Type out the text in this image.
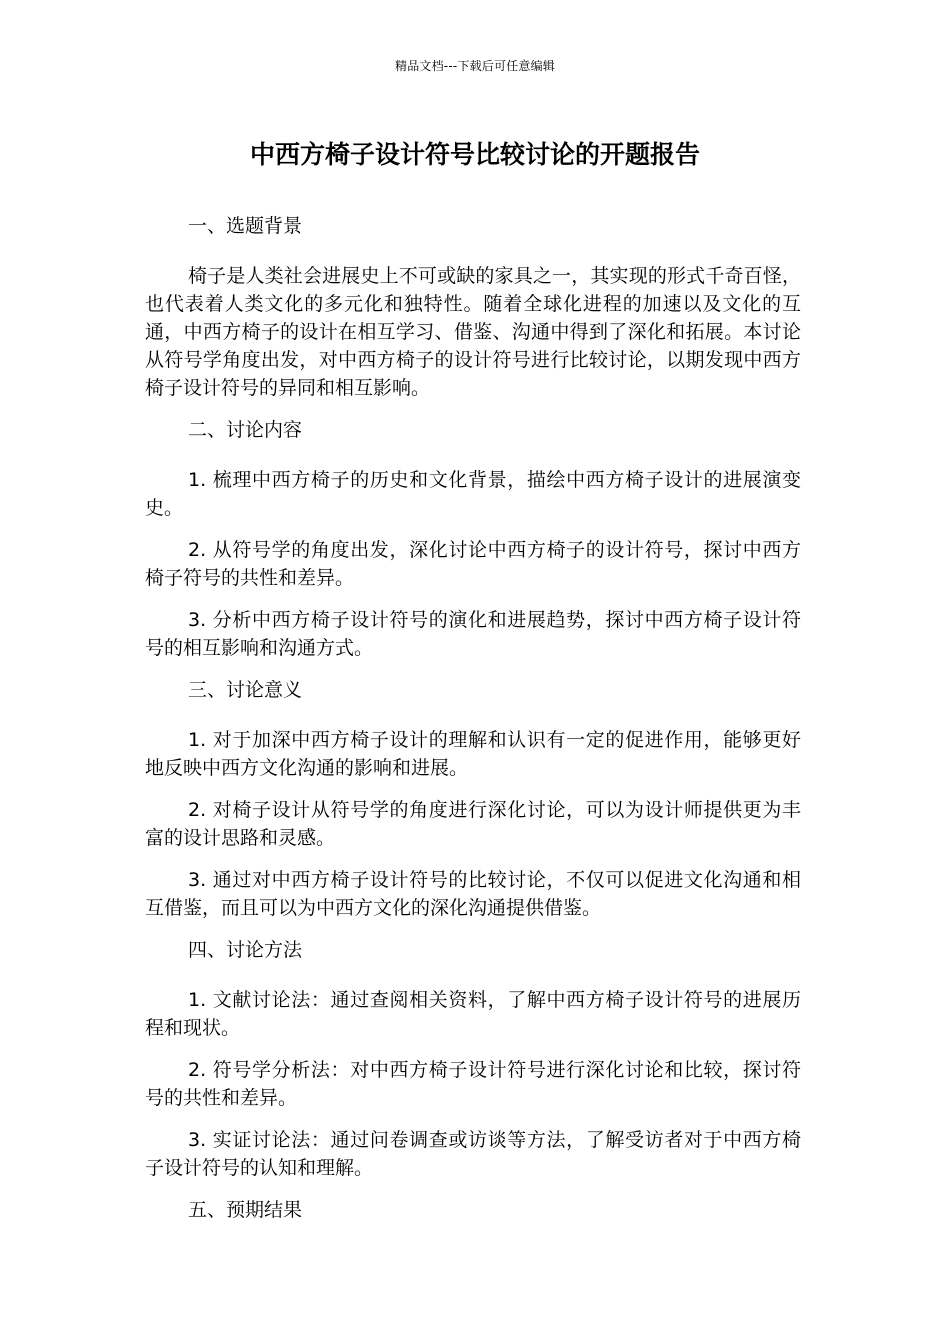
精品文档---下载后可任意编辑
中西方椅子设计符号比较讨论的开题报告

一、选题背景

椅子是人类社会进展史上不可或缺的家具之一，其实现的形式千奇百怪，也代表着人类文化的多元化和独特性。随着全球化进程的加速以及文化的互通，中西方椅子的设计在相互学习、借鉴、沟通中得到了深化和拓展。本讨论从符号学角度出发，对中西方椅子的设计符号进行比较讨论，以期发现中西方椅子设计符号的异同和相互影响。

二、讨论内容

1. 梳理中西方椅子的历史和文化背景，描绘中西方椅子设计的进展演变史。

2. 从符号学的角度出发，深化讨论中西方椅子的设计符号，探讨中西方椅子符号的共性和差异。

3. 分析中西方椅子设计符号的演化和进展趋势，探讨中西方椅子设计符号的相互影响和沟通方式。

三、讨论意义

1. 对于加深中西方椅子设计的理解和认识有一定的促进作用，能够更好地反映中西方文化沟通的影响和进展。

2. 对椅子设计从符号学的角度进行深化讨论，可以为设计师提供更为丰富的设计思路和灵感。

3. 通过对中西方椅子设计符号的比较讨论，不仅可以促进文化沟通和相互借鉴，而且可以为中西方文化的深化沟通提供借鉴。

四、讨论方法

1. 文献讨论法：通过查阅相关资料，了解中西方椅子设计符号的进展历程和现状。

2. 符号学分析法：对中西方椅子设计符号进行深化讨论和比较，探讨符号的共性和差异。

3. 实证讨论法：通过问卷调查或访谈等方法，了解受访者对于中西方椅子设计符号的认知和理解。

五、预期结果
